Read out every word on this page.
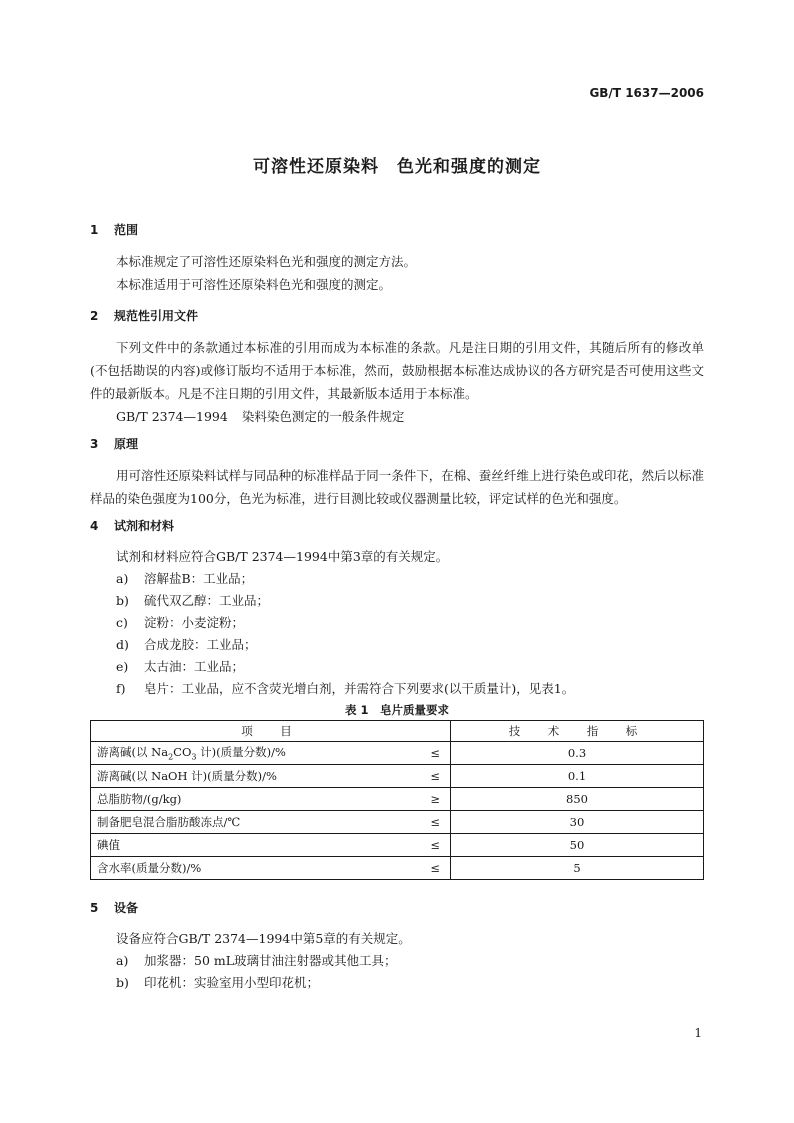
GB/T 1637—2006
可溶性还原染料　色光和强度的测定
1 范围
本标准规定了可溶性还原染料色光和强度的测定方法。
本标准适用于可溶性还原染料色光和强度的测定。
2 规范性引用文件
下列文件中的条款通过本标准的引用而成为本标准的条款。凡是注日期的引用文件，其随后所有的修改单(不包括勘误的内容)或修订版均不适用于本标准，然而，鼓励根据本标准达成协议的各方研究是否可使用这些文件的最新版本。凡是不注日期的引用文件，其最新版本适用于本标准。
GB/T 2374—1994 染料染色测定的一般条件规定
3 原理
用可溶性还原染料试样与同品种的标准样品于同一条件下，在棉、蚕丝纤维上进行染色或印花，然后以标准样品的染色强度为100分，色光为标准，进行目测比较或仪器测量比较，评定试样的色光和强度。
4 试剂和材料
试剂和材料应符合GB/T 2374—1994中第3章的有关规定。
a) 溶解盐B：工业品；
b) 硫代双乙醇：工业品；
c) 淀粉：小麦淀粉；
d) 合成龙胶：工业品；
e) 太古油：工业品；
f) 皂片：工业品，应不含荧光增白剂，并需符合下列要求(以干质量计)，见表1。
表 1　皂片质量要求
项　目		技　术　指　标
游离碱(以 $Na_2CO_3$ 计)(质量分数)/%	≤	0.3
游离碱(以 NaOH 计)(质量分数)/%	≤	0.1
总脂肪物/(g/kg)	≥	850
制备肥皂混合脂肪酸冻点/℃	≤	30
碘值	≤	50
含水率(质量分数)/%	≤	5
5 设备
设备应符合GB/T 2374—1994中第5章的有关规定。
a) 加浆器：50 mL玻璃甘油注射器或其他工具；
b) 印花机：实验室用小型印花机；
1
